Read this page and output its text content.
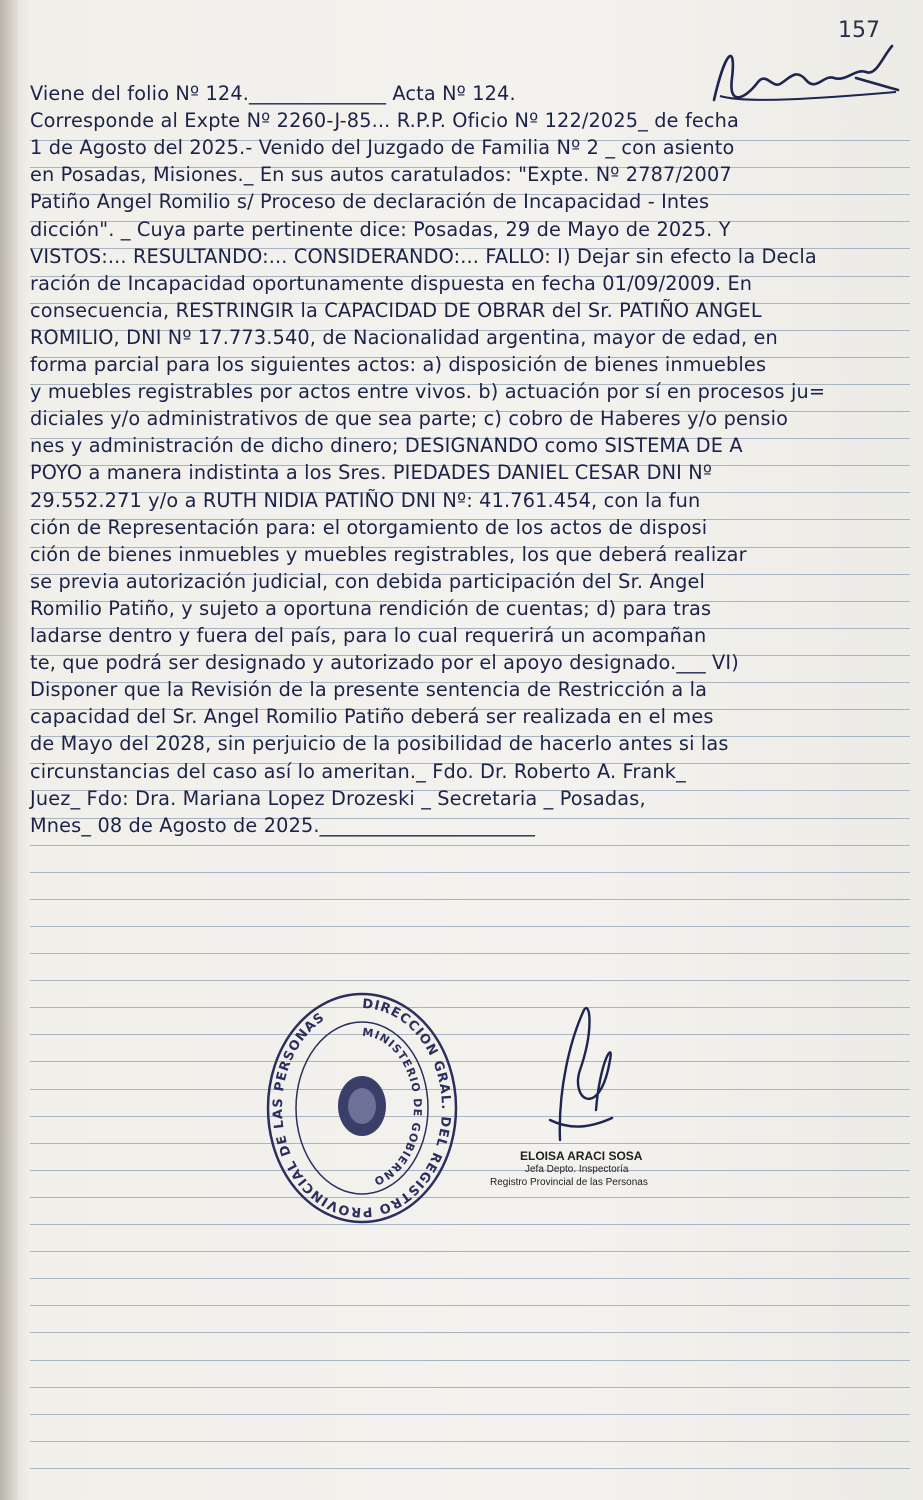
157
Viene del folio Nº 124.______________ Acta Nº 124.
Corresponde al Expte Nº 2260-J-85... R.P.P. Oficio Nº 122/2025_ de fecha
1 de Agosto del 2025.- Venido del Juzgado de Familia Nº 2 _ con asiento
en Posadas, Misiones._ En sus autos caratulados: "Expte. Nº 2787/2007
Patiño Angel Romilio s/ Proceso de declaración de Incapacidad - Intes
dicción". _ Cuya parte pertinente dice: Posadas, 29 de Mayo de 2025. Y
VISTOS:... RESULTANDO:... CONSIDERANDO:... FALLO: I) Dejar sin efecto la Decla
ración de Incapacidad oportunamente dispuesta en fecha 01/09/2009. En
consecuencia, RESTRINGIR la CAPACIDAD DE OBRAR del Sr. PATIÑO ANGEL
ROMILIO, DNI Nº 17.773.540, de Nacionalidad argentina, mayor de edad, en
forma parcial para los siguientes actos: a) disposición de bienes inmuebles
y muebles registrables por actos entre vivos. b) actuación por sí en procesos ju=
diciales y/o administrativos de que sea parte; c) cobro de Haberes y/o pensio
nes y administración de dicho dinero; DESIGNANDO como SISTEMA DE A
POYO a manera indistinta a los Sres. PIEDADES DANIEL CESAR DNI Nº
29.552.271 y/o a RUTH NIDIA PATIÑO DNI Nº: 41.761.454, con la fun
ción de Representación para: el otorgamiento de los actos de disposi
ción de bienes inmuebles y muebles registrables, los que deberá realizar
se previa autorización judicial, con debida participación del Sr. Angel
Romilio Patiño, y sujeto a oportuna rendición de cuentas; d) para tras
ladarse dentro y fuera del país, para lo cual requerirá un acompañan
te, que podrá ser designado y autorizado por el apoyo designado.___ VI)
Disponer que la Revisión de la presente sentencia de Restricción a la
capacidad del Sr. Angel Romilio Patiño deberá ser realizada en el mes
de Mayo del 2028, sin perjuicio de la posibilidad de hacerlo antes si las
circunstancias del caso así lo ameritan._ Fdo. Dr. Roberto A. Frank_
Juez_ Fdo: Dra. Mariana Lopez Drozeski _ Secretaria _ Posadas,
Mnes_ 08 de Agosto de 2025.______________________
DIRECCION GRAL. DEL REGISTRO PROVINCIAL DE LAS PERSONAS
MINISTERIO DE GOBIERNO
ELOISA ARACI SOSA
Jefa Depto. Inspectoría
Registro Provincial de las Personas
